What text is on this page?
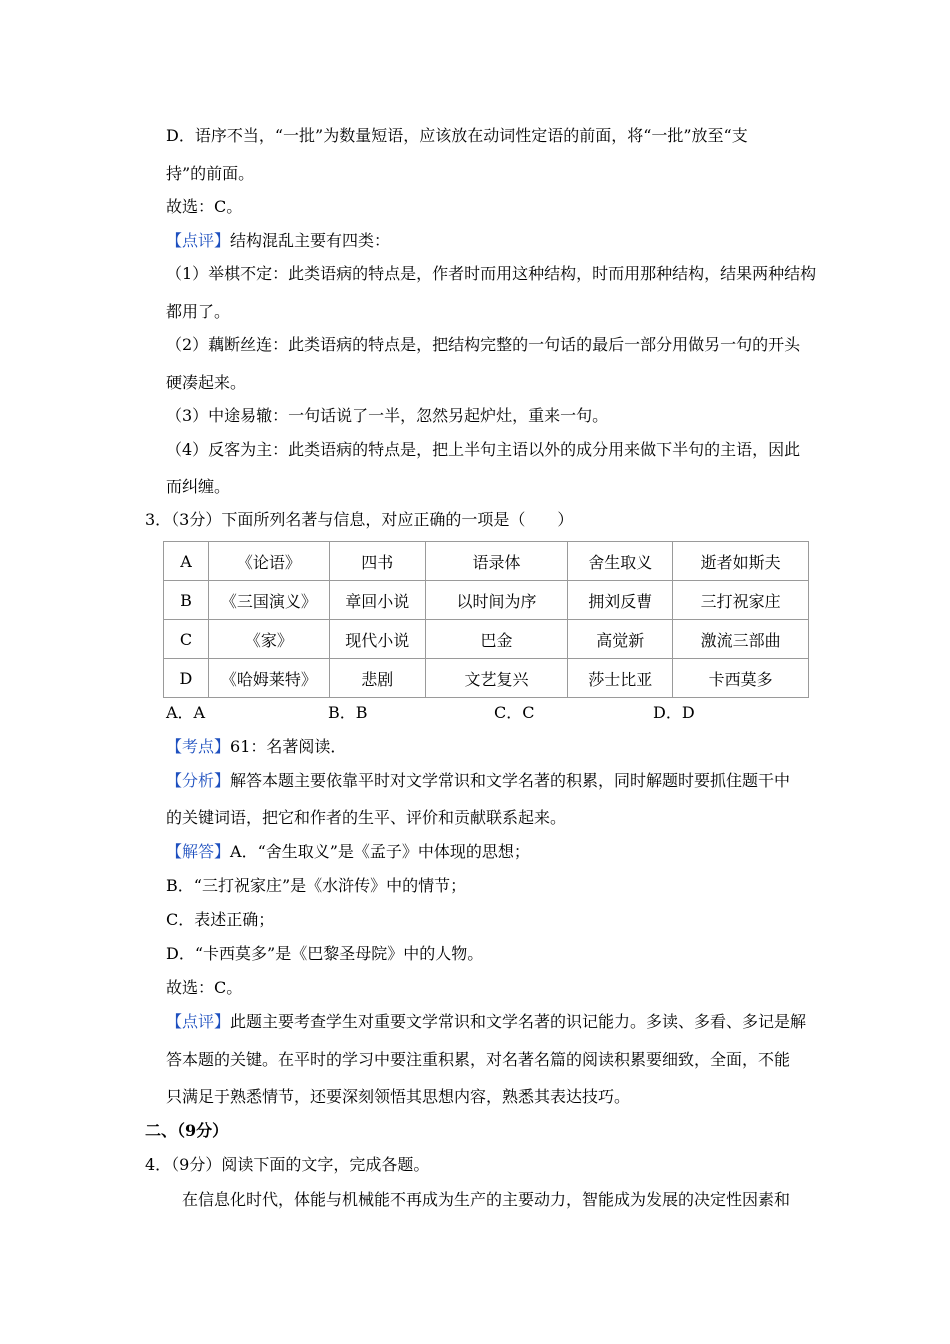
D．语序不当，“一批”为数量短语，应该放在动词性定语的前面，将“一批”放至“支
持”的前面。
故选：C。
【点评】结构混乱主要有四类：
（1）举棋不定：此类语病的特点是，作者时而用这种结构，时而用那种结构，结果两种结构
都用了。
（2）藕断丝连：此类语病的特点是，把结构完整的一句话的最后一部分用做另一句的开头
硬凑起来。
（3）中途易辙：一句话说了一半，忽然另起炉灶，重来一句。
（4）反客为主：此类语病的特点是，把上半句主语以外的成分用来做下半句的主语，因此
而纠缠。
3．（3分）下面所列名著与信息，对应正确的一项是（　　）
A	《论语》	四书	语录体	舍生取义	逝者如斯夫
B	《三国演义》	章回小说	以时间为序	拥刘反曹	三打祝家庄
C	《家》	现代小说	巴金	高觉新	激流三部曲
D	《哈姆莱特》	悲剧	文艺复兴	莎士比亚	卡西莫多
A．A	B．B	C．C	D．D
【考点】61：名著阅读．
【分析】解答本题主要依靠平时对文学常识和文学名著的积累，同时解题时要抓住题干中
的关键词语，把它和作者的生平、评价和贡献联系起来。
【解答】A．“舍生取义”是《孟子》中体现的思想；
B．“三打祝家庄”是《水浒传》中的情节；
C．表述正确；
D．“卡西莫多”是《巴黎圣母院》中的人物。
故选：C。
【点评】此题主要考查学生对重要文学常识和文学名著的识记能力。多读、多看、多记是解
答本题的关键。在平时的学习中要注重积累，对名著名篇的阅读积累要细致，全面，不能
只满足于熟悉情节，还要深刻领悟其思想内容，熟悉其表达技巧。
二、（9分）
4．（9分）阅读下面的文字，完成各题。
在信息化时代，体能与机械能不再成为生产的主要动力，智能成为发展的决定性因素和
